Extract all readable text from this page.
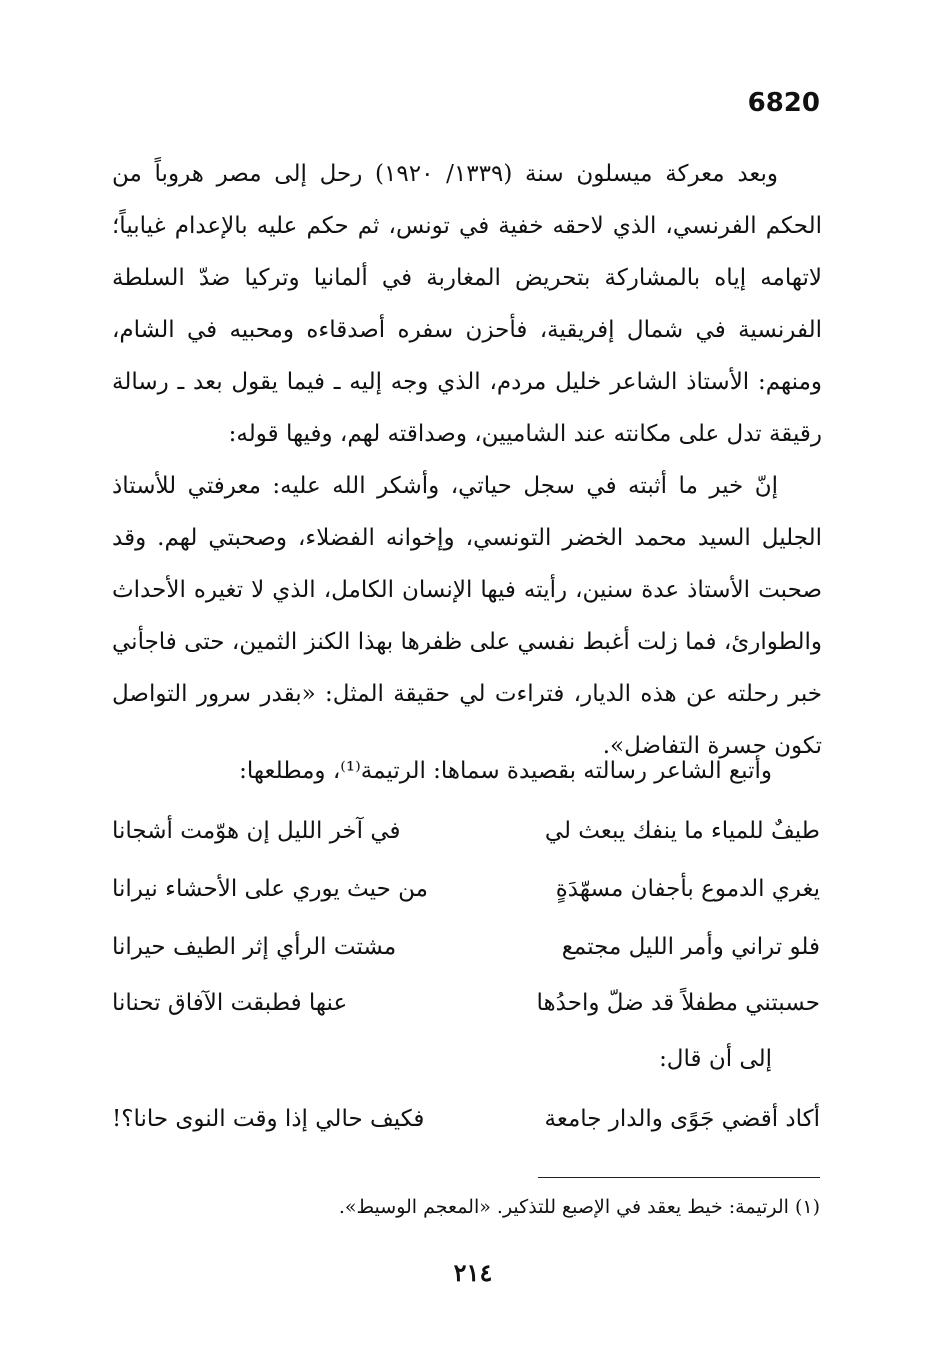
6820

وبعد معركة ميسلون سنة (١٣٣٩/ ١٩٢٠) رحل إلى مصر هروباً من الحكم الفرنسي، الذي لاحقه خفية في تونس، ثم حكم عليه بالإعدام غيابياً؛ لاتهامه إياه بالمشاركة بتحريض المغاربة في ألمانيا وتركيا ضدّ السلطة الفرنسية في شمال إفريقية، فأحزن سفره أصدقاءه ومحبيه في الشام، ومنهم: الأستاذ الشاعر خليل مردم، الذي وجه إليه ـ فيما يقول بعد ـ رسالة رقيقة تدل على مكانته عند الشاميين، وصداقته لهم، وفيها قوله:

إنّ خير ما أثبته في سجل حياتي، وأشكر الله عليه: معرفتي للأستاذ الجليل السيد محمد الخضر التونسي، وإخوانه الفضلاء، وصحبتي لهم. وقد صحبت الأستاذ عدة سنين، رأيته فيها الإنسان الكامل، الذي لا تغيره الأحداث والطوارئ، فما زلت أغبط نفسي على ظفرها بهذا الكنز الثمين، حتى فاجأني خبر رحلته عن هذه الديار، فتراءت لي حقيقة المثل: «بقدر سرور التواصل تكون حسرة التفاضل».

وأتبع الشاعر رسالته بقصيدة سماها: الرتيمة⁽¹⁾، ومطلعها:
طيفٌ للمياء ما ينفك يبعث لي
في آخر الليل إن هوّمت أشجانا
يغري الدموع بأجفان مسهّدَةٍ
من حيث يوري على الأحشاء نيرانا
فلو تراني وأمر الليل مجتمع
مشتت الرأي إثر الطيف حيرانا
حسبتني مطفلاً قد ضلّ واحدُها
عنها فطبقت الآفاق تحنانا
إلى أن قال:
أكاد أقضي جَوًى والدار جامعة
فكيف حالي إذا وقت النوى حانا؟!
(١) الرتيمة: خيط يعقد في الإصبع للتذكير. «المعجم الوسيط».
٢١٤
